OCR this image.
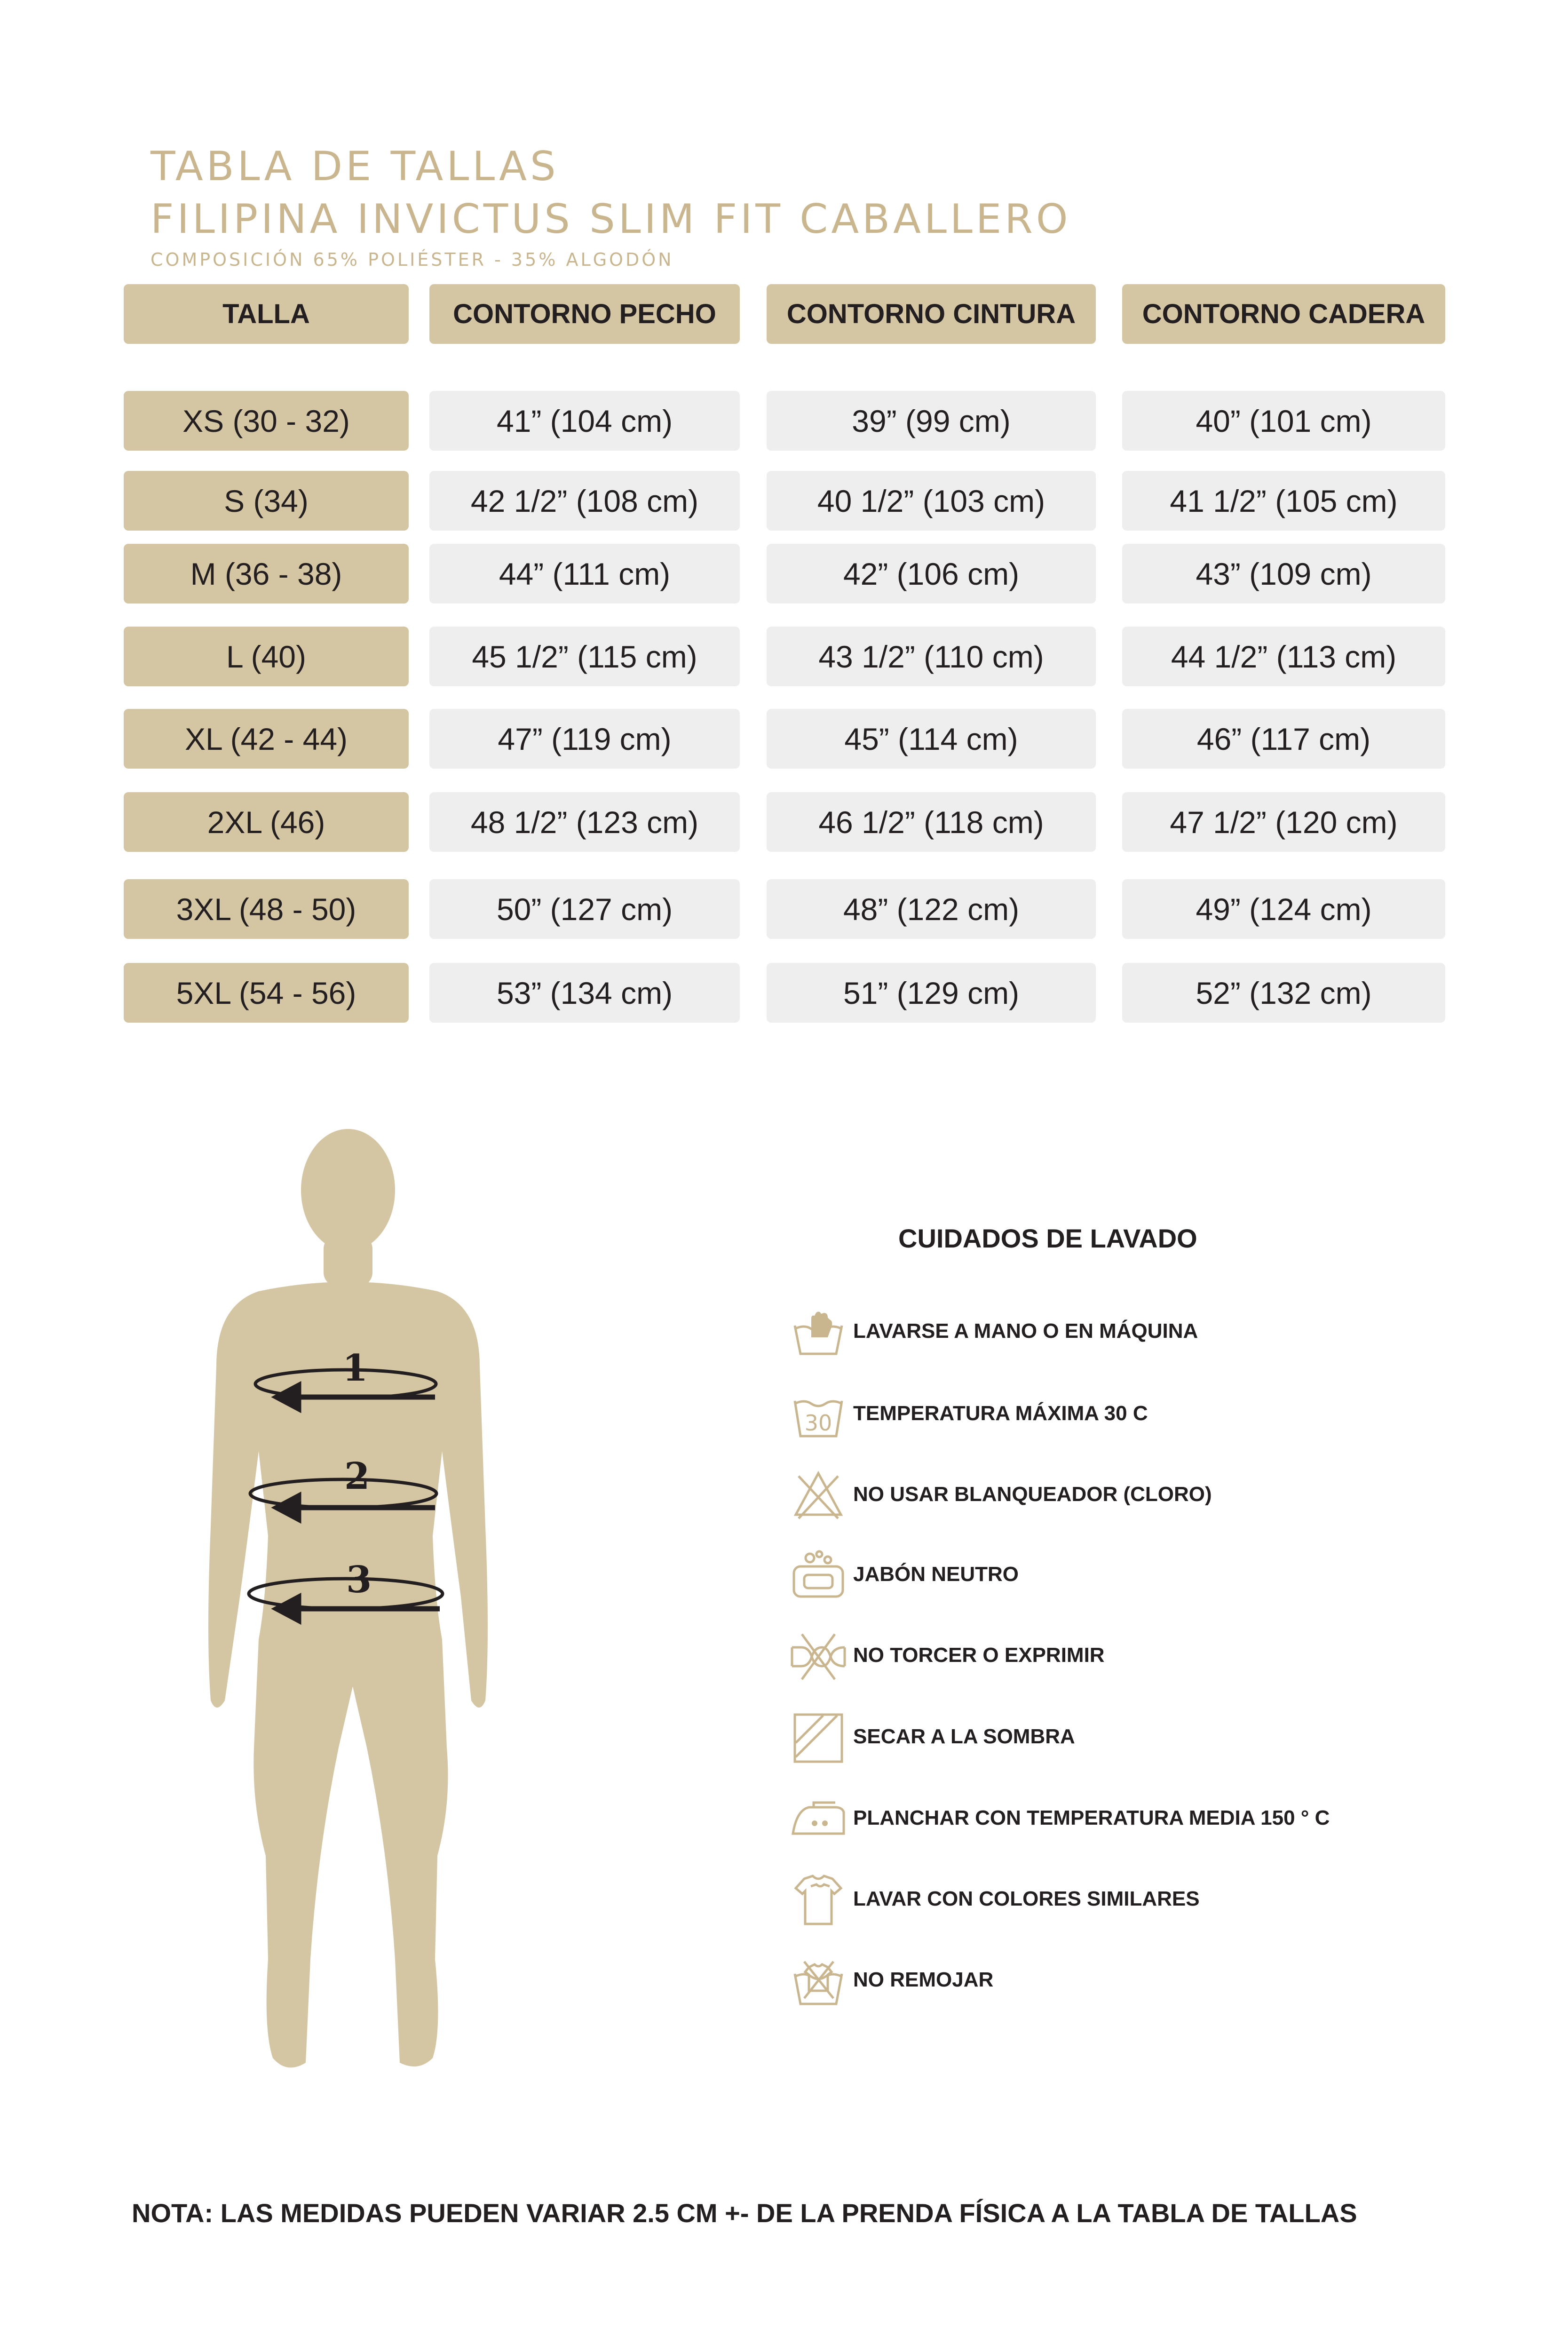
TABLA DE TALLAS
FILIPINA INVICTUS SLIM FIT CABALLERO
COMPOSICIÓN 65% POLIÉSTER - 35% ALGODÓN
TALLA	CONTORNO PECHO	CONTORNO CINTURA	CONTORNO CADERA
XS (30 - 32)	41” (104 cm)	39” (99 cm)	40” (101 cm)
S (34)	42 1/2” (108 cm)	40 1/2” (103 cm)	41 1/2” (105 cm)
M (36 - 38)	44” (111 cm)	42” (106 cm)	43” (109 cm)
L (40)	45 1/2” (115 cm)	43 1/2” (110 cm)	44 1/2” (113 cm)
XL (42 - 44)	47” (119 cm)	45” (114 cm)	46” (117 cm)
2XL (46)	48 1/2” (123 cm)	46 1/2” (118 cm)	47 1/2” (120 cm)
3XL (48 - 50)	50” (127 cm)	48” (122 cm)	49” (124 cm)
5XL (54 - 56)	53” (134 cm)	51” (129 cm)	52” (132 cm)
1
2
3
CUIDADOS DE LAVADO
LAVARSE A MANO O EN MÁQUINA
30 TEMPERATURA MÁXIMA 30 C
NO USAR BLANQUEADOR (CLORO)
JABÓN NEUTRO
NO TORCER O EXPRIMIR
SECAR A LA SOMBRA
PLANCHAR CON TEMPERATURA MEDIA 150 ° C
LAVAR CON COLORES SIMILARES
NO REMOJAR
NOTA: LAS MEDIDAS PUEDEN VARIAR 2.5 CM +- DE LA PRENDA FÍSICA A LA TABLA DE TALLAS
